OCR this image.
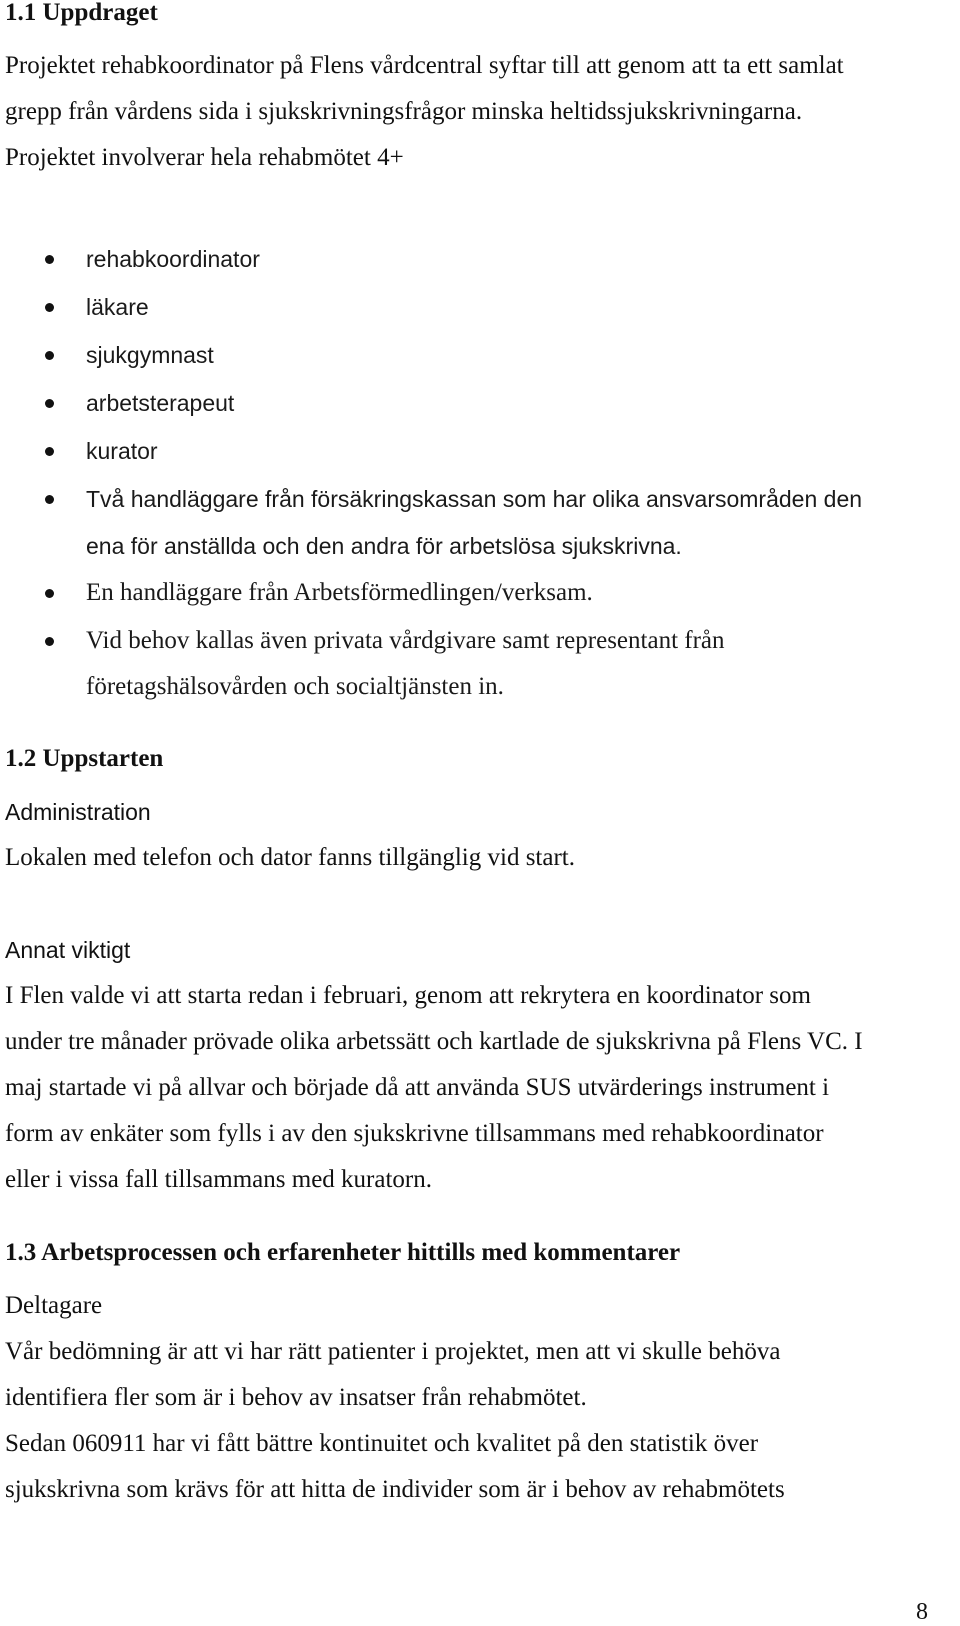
1.1 Uppdraget
Projektet rehabkoordinator på Flens vårdcentral syftar till att genom att ta ett samlat
grepp från vårdens sida i sjukskrivningsfrågor minska heltidssjukskrivningarna.
Projektet involverar hela rehabmötet 4+
rehabkoordinator
läkare
sjukgymnast
arbetsterapeut
kurator
Två handläggare från försäkringskassan som har olika ansvarsområden den
ena för anställda och den andra för arbetslösa sjukskrivna.
En handläggare från Arbetsförmedlingen/verksam.
Vid behov kallas även privata vårdgivare samt representant från
företagshälsovården och socialtjänsten in.
1.2 Uppstarten
Administration
Lokalen med telefon och dator fanns tillgänglig vid start.
Annat viktigt
I Flen valde vi att starta redan i februari, genom att rekrytera en koordinator som
under tre månader prövade olika arbetssätt och kartlade de sjukskrivna på Flens VC. I
maj startade vi på allvar och började då att använda SUS utvärderings instrument i
form av enkäter som fylls i av den sjukskrivne tillsammans med rehabkoordinator
eller i vissa fall tillsammans med kuratorn.
1.3 Arbetsprocessen och erfarenheter hittills med kommentarer
Deltagare
Vår bedömning är att vi har rätt patienter i projektet, men att vi skulle behöva
identifiera fler som är i behov av insatser från rehabmötet.
Sedan 060911 har vi fått bättre kontinuitet och kvalitet på den statistik över
sjukskrivna som krävs för att hitta de individer som är i behov av rehabmötets
8
